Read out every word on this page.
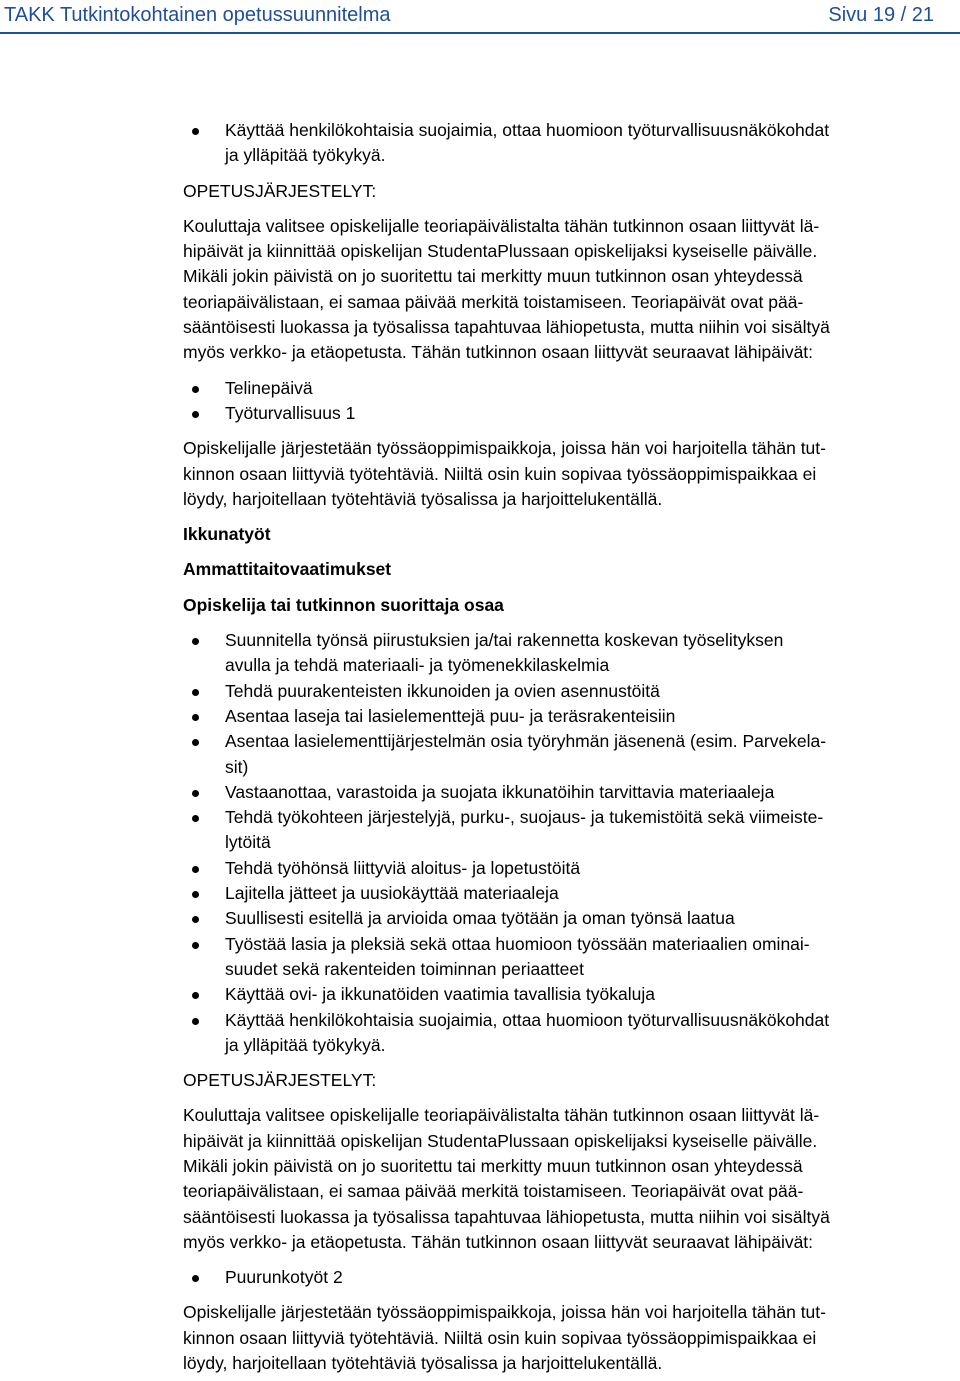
TAKK Tutkintokohtainen opetussuunnitelma	Sivu 19 / 21
Käyttää henkilökohtaisia suojaimia, ottaa huomioon työturvallisuusnäkökohdat
ja ylläpitää työkykyä.
OPETUSJÄRJESTELYT:
Kouluttaja valitsee opiskelijalle teoriapäivälistalta tähän tutkinnon osaan liittyvät lä-
hipäivät ja kiinnittää opiskelijan StudentaPlussaan opiskelijaksi kyseiselle päivälle.
Mikäli jokin päivistä on jo suoritettu tai merkitty muun tutkinnon osan yhteydessä
teoriapäivälistaan, ei samaa päivää merkitä toistamiseen. Teoriapäivät ovat pää-
sääntöisesti luokassa ja työsalissa tapahtuvaa lähiopetusta, mutta niihin voi sisältyä
myös verkko- ja etäopetusta. Tähän tutkinnon osaan liittyvät seuraavat lähipäivät:
Telinepäivä
Työturvallisuus 1
Opiskelijalle järjestetään työssäoppimispaikkoja, joissa hän voi harjoitella tähän tut-
kinnon osaan liittyviä työtehtäviä. Niiltä osin kuin sopivaa työssäoppimispaikkaa ei
löydy, harjoitellaan työtehtäviä työsalissa ja harjoittelukentällä.
Ikkunatyöt
Ammattitaitovaatimukset
Opiskelija tai tutkinnon suorittaja osaa
Suunnitella työnsä piirustuksien ja/tai rakennetta koskevan työselityksen
avulla ja tehdä materiaali- ja työmenekkilaskelmia
Tehdä puurakenteisten ikkunoiden ja ovien asennustöitä
Asentaa laseja tai lasielementtejä puu- ja teräsrakenteisiin
Asentaa lasielementtijärjestelmän osia työryhmän jäsenenä (esim. Parvekela-
sit)
Vastaanottaa, varastoida ja suojata ikkunatöihin tarvittavia materiaaleja
Tehdä työkohteen järjestelyjä, purku-, suojaus- ja tukemistöitä sekä viimeiste-
lytöitä
Tehdä työhönsä liittyviä aloitus- ja lopetustöitä
Lajitella jätteet ja uusiokäyttää materiaaleja
Suullisesti esitellä ja arvioida omaa työtään ja oman työnsä laatua
Työstää lasia ja pleksiä sekä ottaa huomioon työssään materiaalien ominai-
suudet sekä rakenteiden toiminnan periaatteet
Käyttää ovi- ja ikkunatöiden vaatimia tavallisia työkaluja
Käyttää henkilökohtaisia suojaimia, ottaa huomioon työturvallisuusnäkökohdat
ja ylläpitää työkykyä.
OPETUSJÄRJESTELYT:
Kouluttaja valitsee opiskelijalle teoriapäivälistalta tähän tutkinnon osaan liittyvät lä-
hipäivät ja kiinnittää opiskelijan StudentaPlussaan opiskelijaksi kyseiselle päivälle.
Mikäli jokin päivistä on jo suoritettu tai merkitty muun tutkinnon osan yhteydessä
teoriapäivälistaan, ei samaa päivää merkitä toistamiseen. Teoriapäivät ovat pää-
sääntöisesti luokassa ja työsalissa tapahtuvaa lähiopetusta, mutta niihin voi sisältyä
myös verkko- ja etäopetusta. Tähän tutkinnon osaan liittyvät seuraavat lähipäivät:
Puurunkotyöt 2
Opiskelijalle järjestetään työssäoppimispaikkoja, joissa hän voi harjoitella tähän tut-
kinnon osaan liittyviä työtehtäviä. Niiltä osin kuin sopivaa työssäoppimispaikkaa ei
löydy, harjoitellaan työtehtäviä työsalissa ja harjoittelukentällä.
